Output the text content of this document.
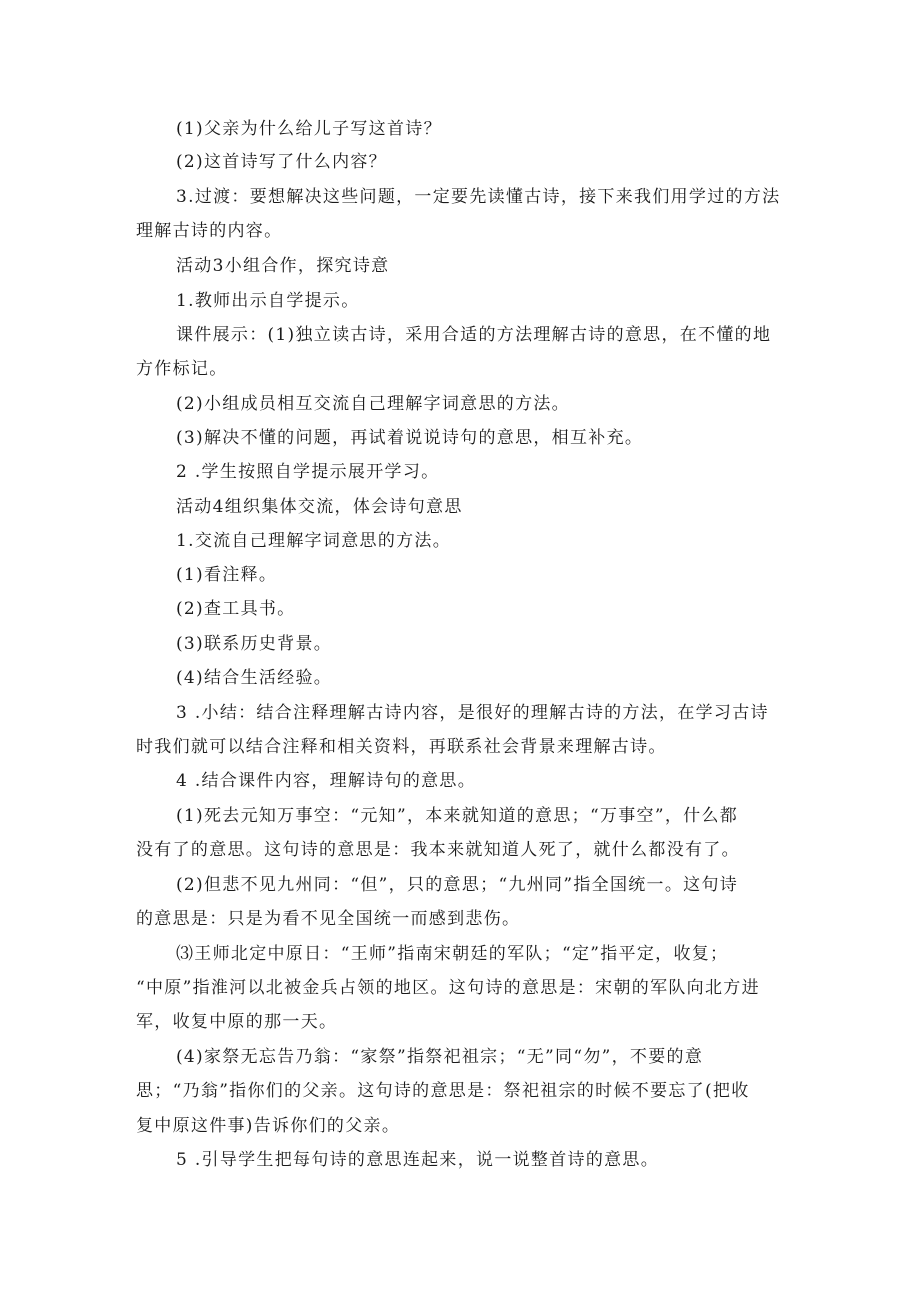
(1)父亲为什么给儿子写这首诗？
(2)这首诗写了什么内容？
3.过渡：要想解决这些问题，一定要先读懂古诗，接下来我们用学过的方法
理解古诗的内容。
活动3小组合作，探究诗意
1.教师出示自学提示。
课件展示：(1)独立读古诗，采用合适的方法理解古诗的意思，在不懂的地
方作标记。
(2)小组成员相互交流自己理解字词意思的方法。
(3)解决不懂的问题，再试着说说诗句的意思，相互补充。
2 .学生按照自学提示展开学习。
活动4组织集体交流，体会诗句意思
1.交流自己理解字词意思的方法。
(1)看注释。
(2)查工具书。
(3)联系历史背景。
(4)结合生活经验。
3 .小结：结合注释理解古诗内容，是很好的理解古诗的方法，在学习古诗
时我们就可以结合注释和相关资料，再联系社会背景来理解古诗。
4 .结合课件内容，理解诗句的意思。
(1)死去元知万事空：“元知”，本来就知道的意思；“万事空”，什么都
没有了的意思。这句诗的意思是：我本来就知道人死了，就什么都没有了。
(2)但悲不见九州同：“但”，只的意思；“九州同”指全国统一。这句诗
的意思是：只是为看不见全国统一而感到悲伤。
⑶王师北定中原日：“王师”指南宋朝廷的军队；“定”指平定，收复；
“中原”指淮河以北被金兵占领的地区。这句诗的意思是：宋朝的军队向北方进
军，收复中原的那一天。
(4)家祭无忘告乃翁：“家祭”指祭祀祖宗；“无”同“勿”，不要的意
思；“乃翁”指你们的父亲。这句诗的意思是：祭祀祖宗的时候不要忘了(把收
复中原这件事)告诉你们的父亲。
5 .引导学生把每句诗的意思连起来，说一说整首诗的意思。
